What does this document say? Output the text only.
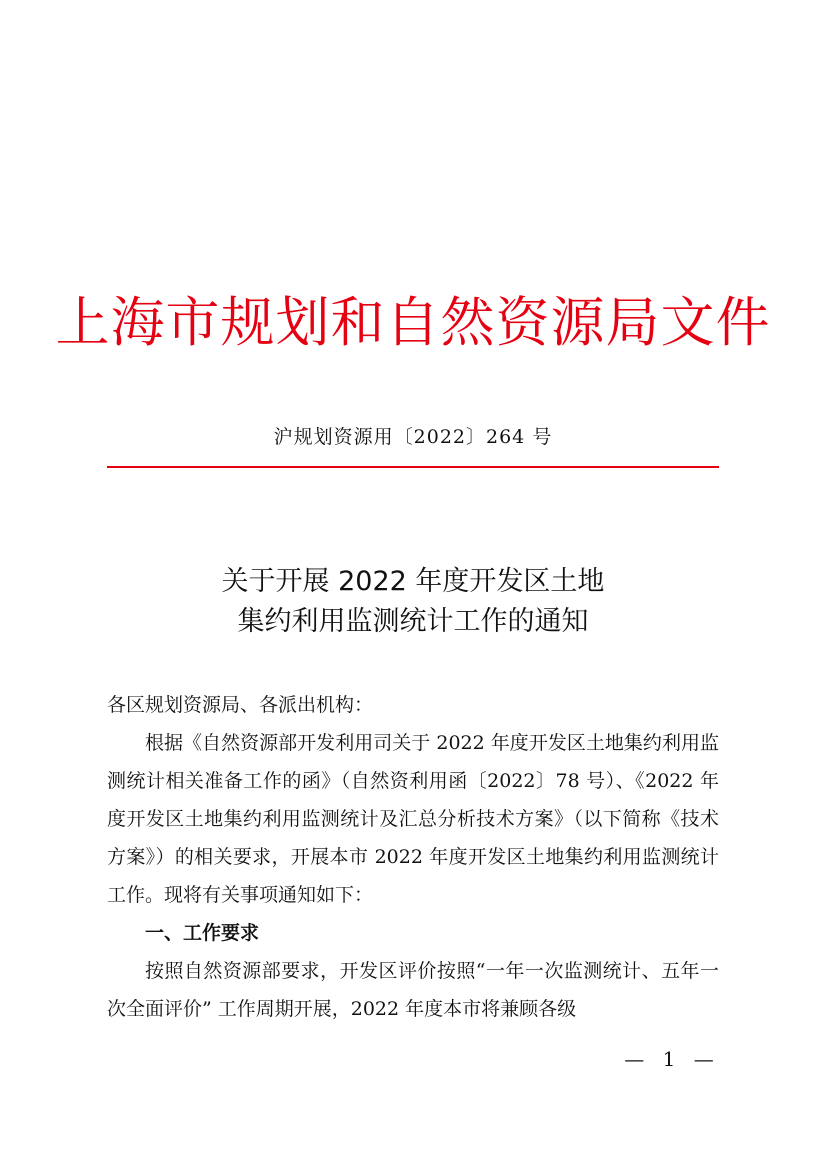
上海市规划和自然资源局文件
沪规划资源用〔2022〕264 号
关于开展 2022 年度开发区土地
集约利用监测统计工作的通知

各区规划资源局、各派出机构：

根据《自然资源部开发利用司关于 2022 年度开发区土地集约利用监测统计相关准备工作的函》（自然资利用函〔2022〕78 号）、《2022 年度开发区土地集约利用监测统计及汇总分析技术方案》（以下简称《技术方案》）的相关要求，开展本市 2022 年度开发区土地集约利用监测统计工作。现将有关事项通知如下：

一、工作要求

按照自然资源部要求，开发区评价按照“一年一次监测统计、五年一次全面评价” 工作周期开展，2022 年度本市将兼顾各级

— 1 —
